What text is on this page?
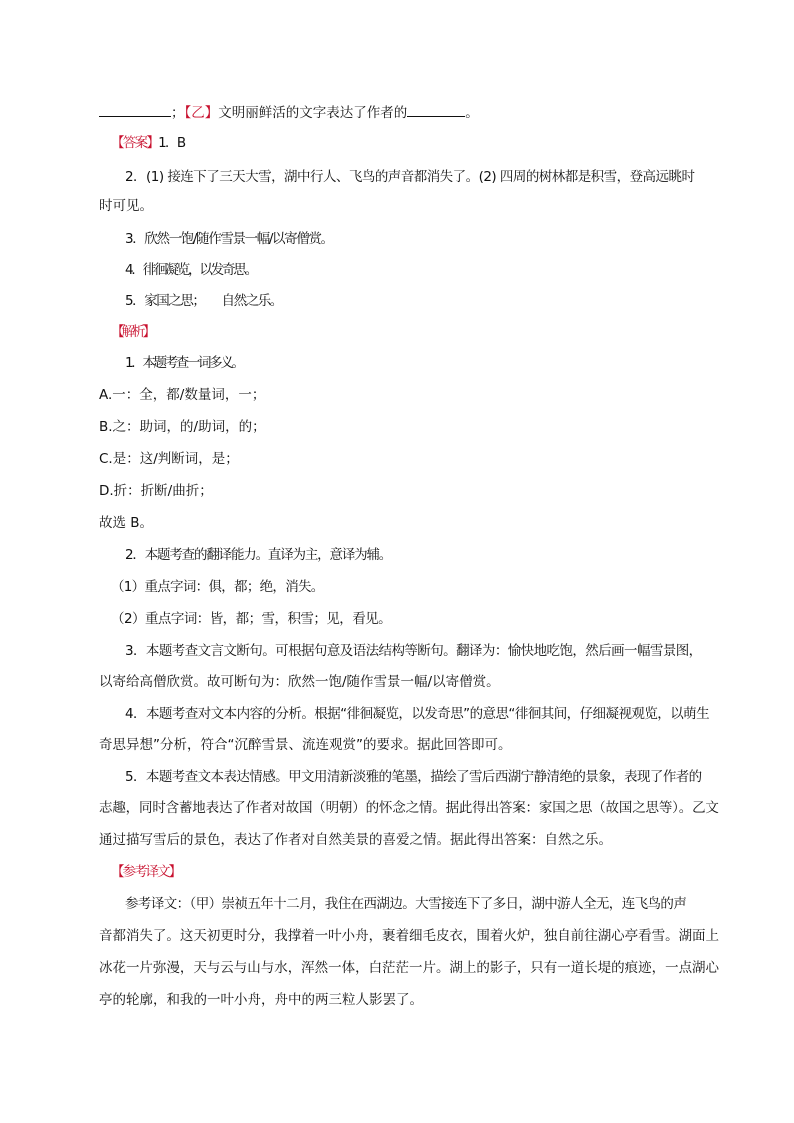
；【乙】文明丽鲜活的文字表达了作者的	。
【答案】1．B
2．(1) 接连下了三天大雪，湖中行人、飞鸟的声音都消失了。(2) 四周的树林都是积雪，登高远眺时
时可见。
3．欣然一饱/随作雪景一幅/以寄僧赏。
4．徘徊凝览，以发奇思。
5．家国之思；      自然之乐。
【解析】
1．本题考查一词多义。
A.一：全，都/数量词，一；
B.之：助词，的/助词，的；
C.是：这/判断词，是；
D.折：折断/曲折；
故选 B。
2．本题考查的翻译能力。直译为主，意译为辅。
（1）重点字词：俱，都；绝，消失。
（2）重点字词：皆，都；雪，积雪；见，看见。
3．本题考查文言文断句。可根据句意及语法结构等断句。翻译为：愉快地吃饱，然后画一幅雪景图，
以寄给高僧欣赏。故可断句为：欣然一饱/随作雪景一幅/以寄僧赏。
4．本题考查对文本内容的分析。根据“徘徊凝览，以发奇思”的意思“徘徊其间，仔细凝视观览，以萌生
奇思异想”分析，符合“沉醉雪景、流连观赏”的要求。据此回答即可。
5．本题考查文本表达情感。甲文用清新淡雅的笔墨，描绘了雪后西湖宁静清绝的景象，表现了作者的
志趣，同时含蓄地表达了作者对故国（明朝）的怀念之情。据此得出答案：家国之思（故国之思等）。乙文
通过描写雪后的景色，表达了作者对自然美景的喜爱之情。据此得出答案：自然之乐。
【参考译文】
参考译文：（甲）崇祯五年十二月，我住在西湖边。大雪接连下了多日，湖中游人全无，连飞鸟的声
音都消失了。这天初更时分，我撑着一叶小舟，裹着细毛皮衣，围着火炉，独自前往湖心亭看雪。湖面上
冰花一片弥漫，天与云与山与水，浑然一体，白茫茫一片。湖上的影子，只有一道长堤的痕迹，一点湖心
亭的轮廓，和我的一叶小舟，舟中的两三粒人影罢了。
